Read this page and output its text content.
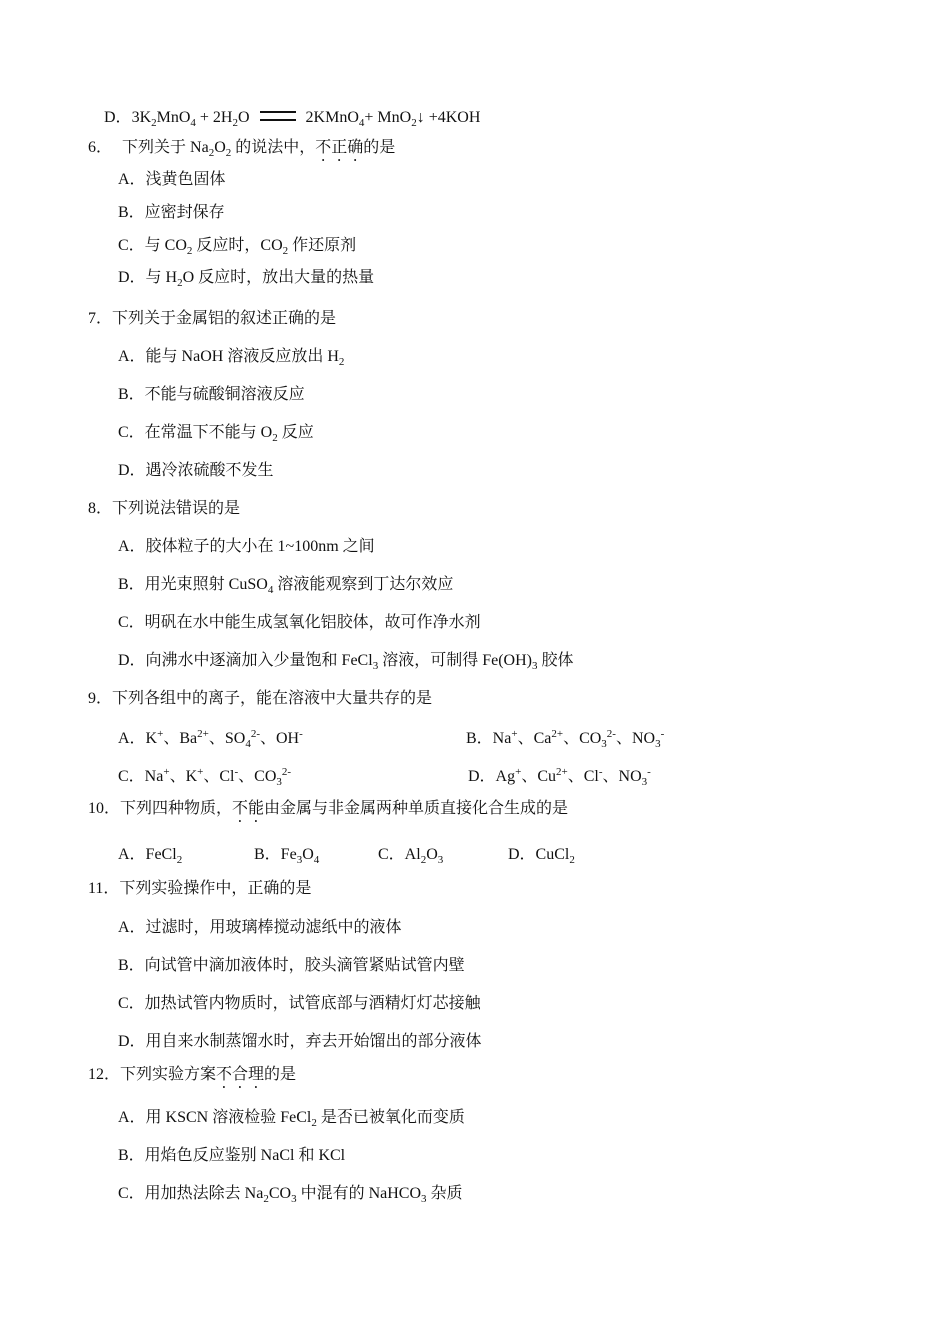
D．$3K_2MnO_4 + 2H_2O$	2KMnO$_4$+ MnO$_2$↓ +4KOH
6． 下列关于 $Na_2O_2$ 的说法中，不正确的是
A．浅黄色固体
B．应密封保存
C．与 $CO_2$ 反应时，$CO_2$ 作还原剂
D．与 $H_2O$ 反应时，放出大量的热量
7．下列关于金属铝的叙述正确的是
A．能与 NaOH 溶液反应放出 $H_2$
B．不能与硫酸铜溶液反应
C．在常温下不能与 $O_2$ 反应
D．遇冷浓硫酸不发生
8．下列说法错误的是
A．胶体粒子的大小在 1~100nm 之间
B．用光束照射 CuSO$_4$ 溶液能观察到丁达尔效应
C．明矾在水中能生成氢氧化铝胶体，故可作净水剂
D．向沸水中逐滴加入少量饱和 FeCl$_3$ 溶液，可制得 $Fe(OH)_3$ 胶体
9．下列各组中的离子，能在溶液中大量共存的是
A．K+、$Ba^{2+}$、$SO_4^{2-}$、OH-	B．Na+、$Ca^{2+}$、$CO_3^{2-}$、$NO_3^-$
C．Na+、K+、Cl-、$CO_3^{2-}$	D．Ag+、$Cu^{2+}$、Cl-、$NO_3^-$
10．下列四种物质，不能由金属与非金属两种单质直接化合生成的是
A．FeCl$_2$	B．$Fe_3O_4$	C．$Al_2O_3$	D．CuCl$_2$
11．下列实验操作中，正确的是
A．过滤时，用玻璃棒搅动滤纸中的液体
B．向试管中滴加液体时，胶头滴管紧贴试管内壁
C．加热试管内物质时，试管底部与酒精灯灯芯接触
D．用自来水制蒸馏水时，弃去开始馏出的部分液体
12．下列实验方案不合理的是
A．用 KSCN 溶液检验 FeCl$_2$ 是否已被氧化而变质
B．用焰色反应鉴别 NaCl 和 KCl
C．用加热法除去 $Na_2CO_3$ 中混有的 NaHCO$_3$ 杂质
